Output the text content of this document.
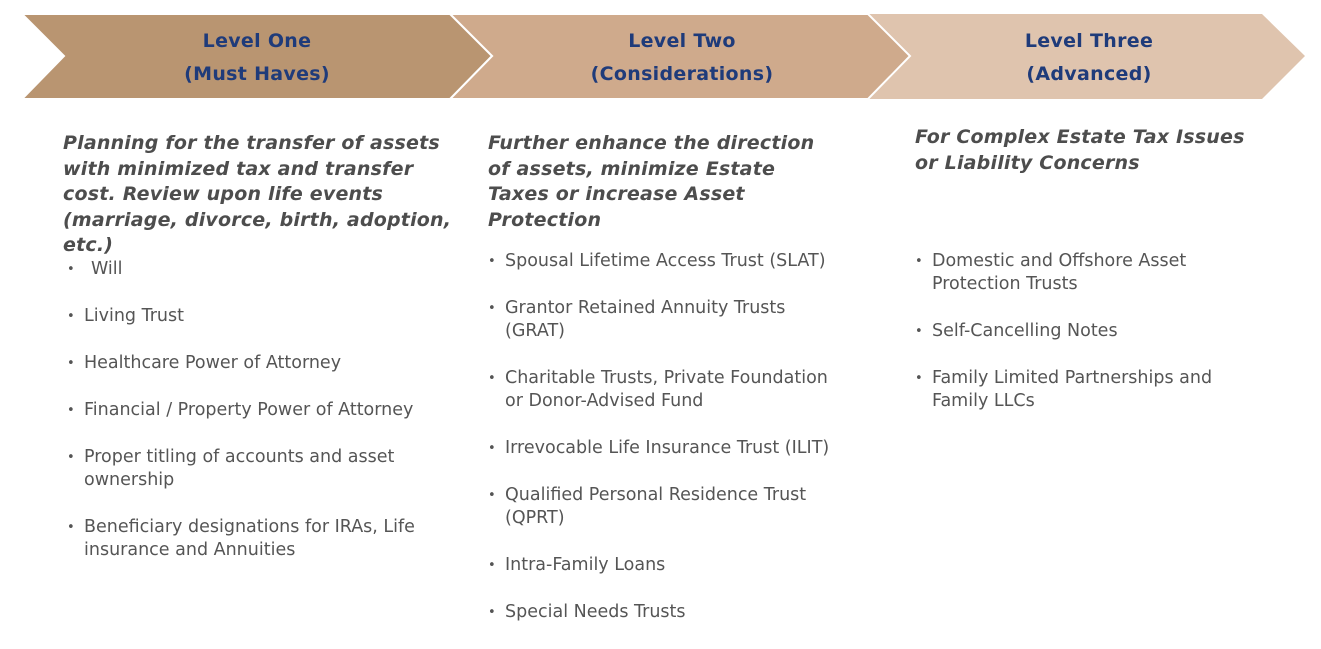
Level One
(Must Haves)
Level Two
(Considerations)
Level Three
(Advanced)

Planning for the transfer of assets with minimized tax and transfer cost. Review upon life events (marriage, divorce, birth, adoption, etc.)

• Will
• Living Trust
• Healthcare Power of Attorney
• Financial / Property Power of Attorney
• Proper titling of accounts and asset ownership
• Beneficiary designations for IRAs, Life insurance and Annuities

Further enhance the direction of assets, minimize Estate Taxes or increase Asset Protection

• Spousal Lifetime Access Trust (SLAT)
• Grantor Retained Annuity Trusts (GRAT)
• Charitable Trusts, Private Foundation or Donor-Advised Fund
• Irrevocable Life Insurance Trust (ILIT)
• Qualified Personal Residence Trust (QPRT)
• Intra-Family Loans
• Special Needs Trusts

For Complex Estate Tax Issues or Liability Concerns

• Domestic and Offshore Asset Protection Trusts
• Self-Cancelling Notes
• Family Limited Partnerships and Family LLCs
